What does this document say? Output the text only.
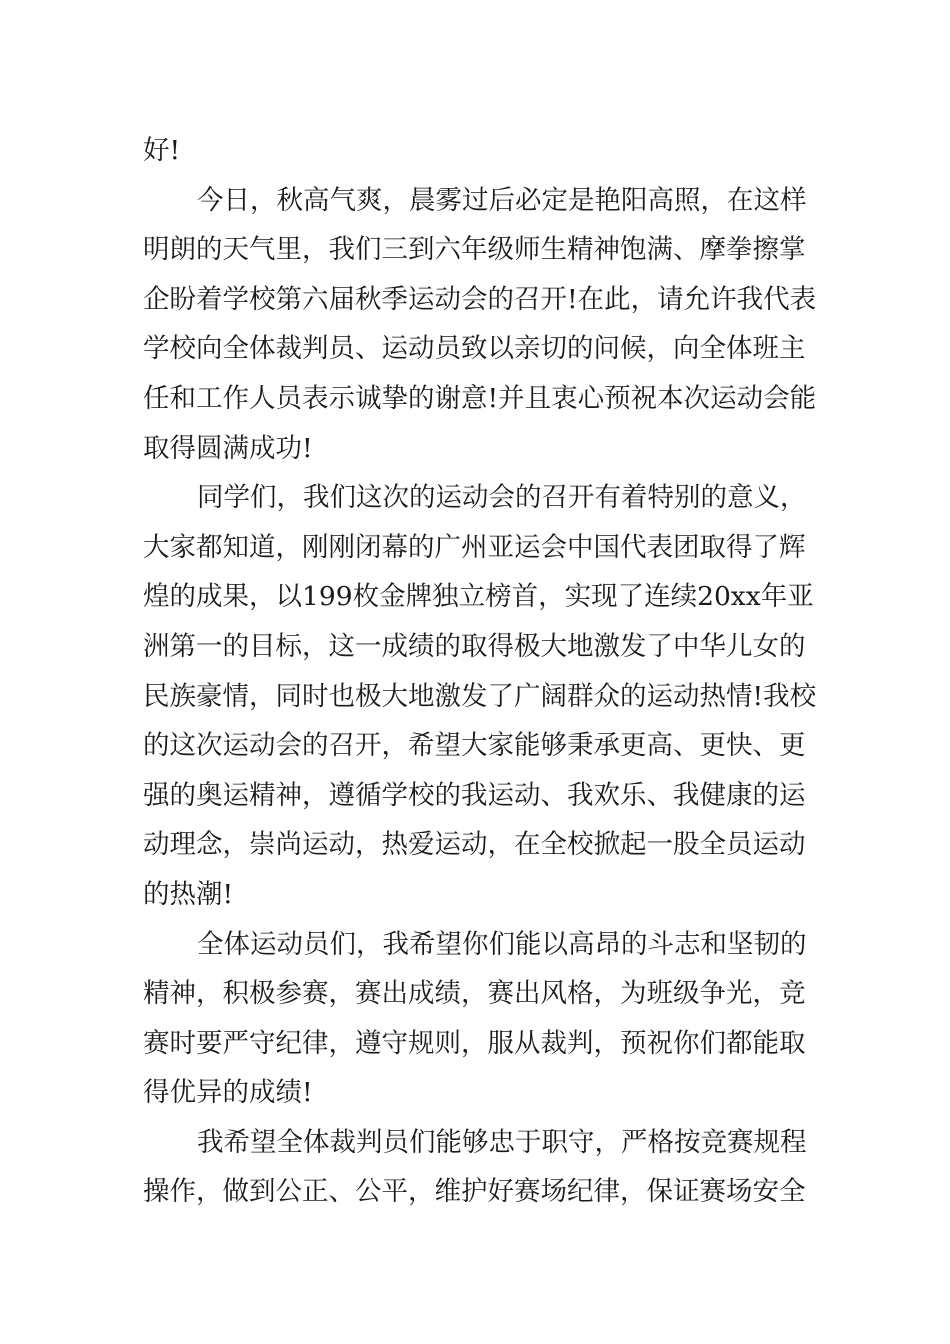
好!
今日，秋高气爽，晨雾过后必定是艳阳高照，在这样
明朗的天气里，我们三到六年级师生精神饱满、摩拳擦掌
企盼着学校第六届秋季运动会的召开!在此，请允许我代表
学校向全体裁判员、运动员致以亲切的问候，向全体班主
任和工作人员表示诚挚的谢意!并且衷心预祝本次运动会能
取得圆满成功!
同学们，我们这次的运动会的召开有着特别的意义，
大家都知道，刚刚闭幕的广州亚运会中国代表团取得了辉
煌的成果，以199枚金牌独立榜首，实现了连续20xx年亚
洲第一的目标，这一成绩的取得极大地激发了中华儿女的
民族豪情，同时也极大地激发了广阔群众的运动热情!我校
的这次运动会的召开，希望大家能够秉承更高、更快、更
强的奥运精神，遵循学校的我运动、我欢乐、我健康的运
动理念，崇尚运动，热爱运动，在全校掀起一股全员运动
的热潮!
全体运动员们，我希望你们能以高昂的斗志和坚韧的
精神，积极参赛，赛出成绩，赛出风格，为班级争光，竞
赛时要严守纪律，遵守规则，服从裁判，预祝你们都能取
得优异的成绩!
我希望全体裁判员们能够忠于职守，严格按竞赛规程
操作，做到公正、公平，维护好赛场纪律，保证赛场安全
